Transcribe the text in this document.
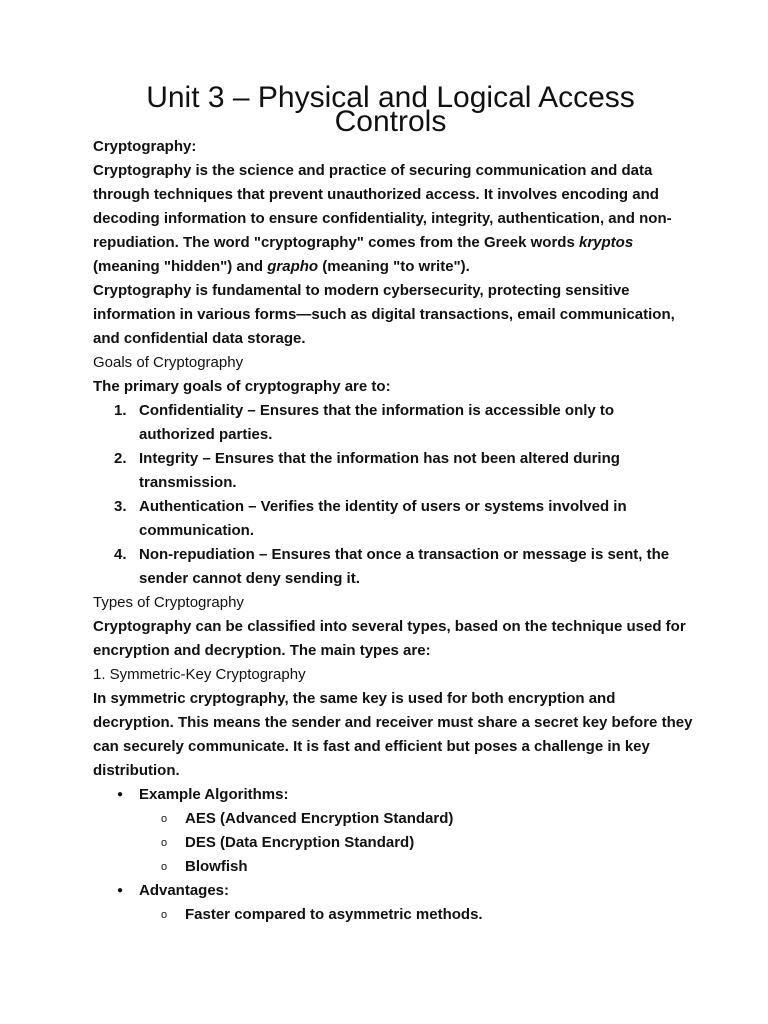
Unit 3 – Physical and Logical Access Controls

Cryptography:

Cryptography is the science and practice of securing communication and data through techniques that prevent unauthorized access. It involves encoding and decoding information to ensure confidentiality, integrity, authentication, and non-repudiation. The word "cryptography" comes from the Greek words kryptos (meaning "hidden") and grapho (meaning "to write").

Cryptography is fundamental to modern cybersecurity, protecting sensitive information in various forms—such as digital transactions, email communication, and confidential data storage.

Goals of Cryptography

The primary goals of cryptography are to:

1. Confidentiality – Ensures that the information is accessible only to authorized parties.
2. Integrity – Ensures that the information has not been altered during transmission.
3. Authentication – Verifies the identity of users or systems involved in communication.
4. Non-repudiation – Ensures that once a transaction or message is sent, the sender cannot deny sending it.

Types of Cryptography

Cryptography can be classified into several types, based on the technique used for encryption and decryption. The main types are:

1. Symmetric-Key Cryptography

In symmetric cryptography, the same key is used for both encryption and decryption. This means the sender and receiver must share a secret key before they can securely communicate. It is fast and efficient but poses a challenge in key distribution.

● Example Algorithms:
o AES (Advanced Encryption Standard)
o DES (Data Encryption Standard)
o Blowfish
● Advantages:
o Faster compared to asymmetric methods.
